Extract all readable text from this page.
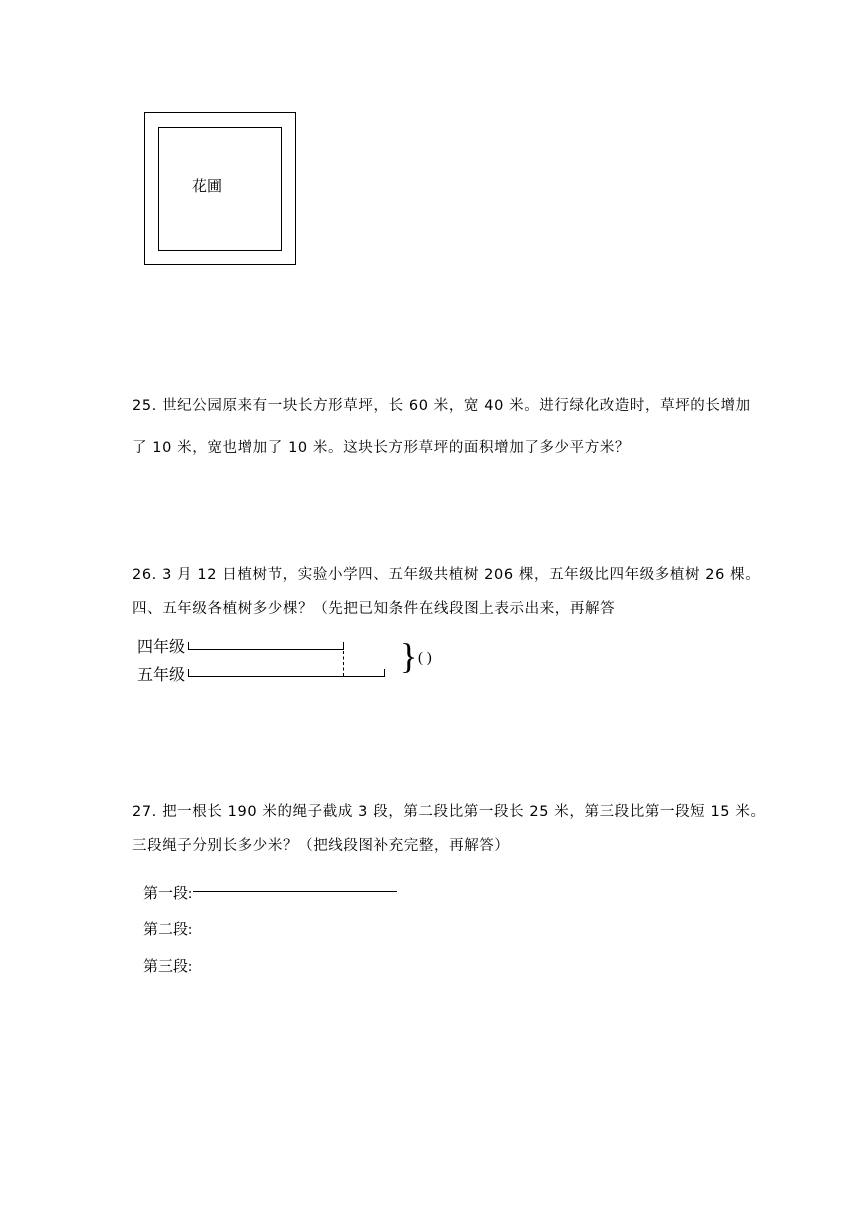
花圃
25. 世纪公园原来有一块长方形草坪，长 60 米，宽 40 米。进行绿化改造时，草坪的长增加
了 10 米，宽也增加了 10 米。这块长方形草坪的面积增加了多少平方米？
26. 3 月 12 日植树节，实验小学四、五年级共植树 206 棵，五年级比四年级多植树 26 棵。
四、五年级各植树多少棵？（先把已知条件在线段图上表示出来，再解答
四年级
五年级	} ( )
27. 把一根长 190 米的绳子截成 3 段，第二段比第一段长 25 米，第三段比第一段短 15 米。
三段绳子分别长多少米？（把线段图补充完整，再解答）
第一段:
第二段:
第三段:
